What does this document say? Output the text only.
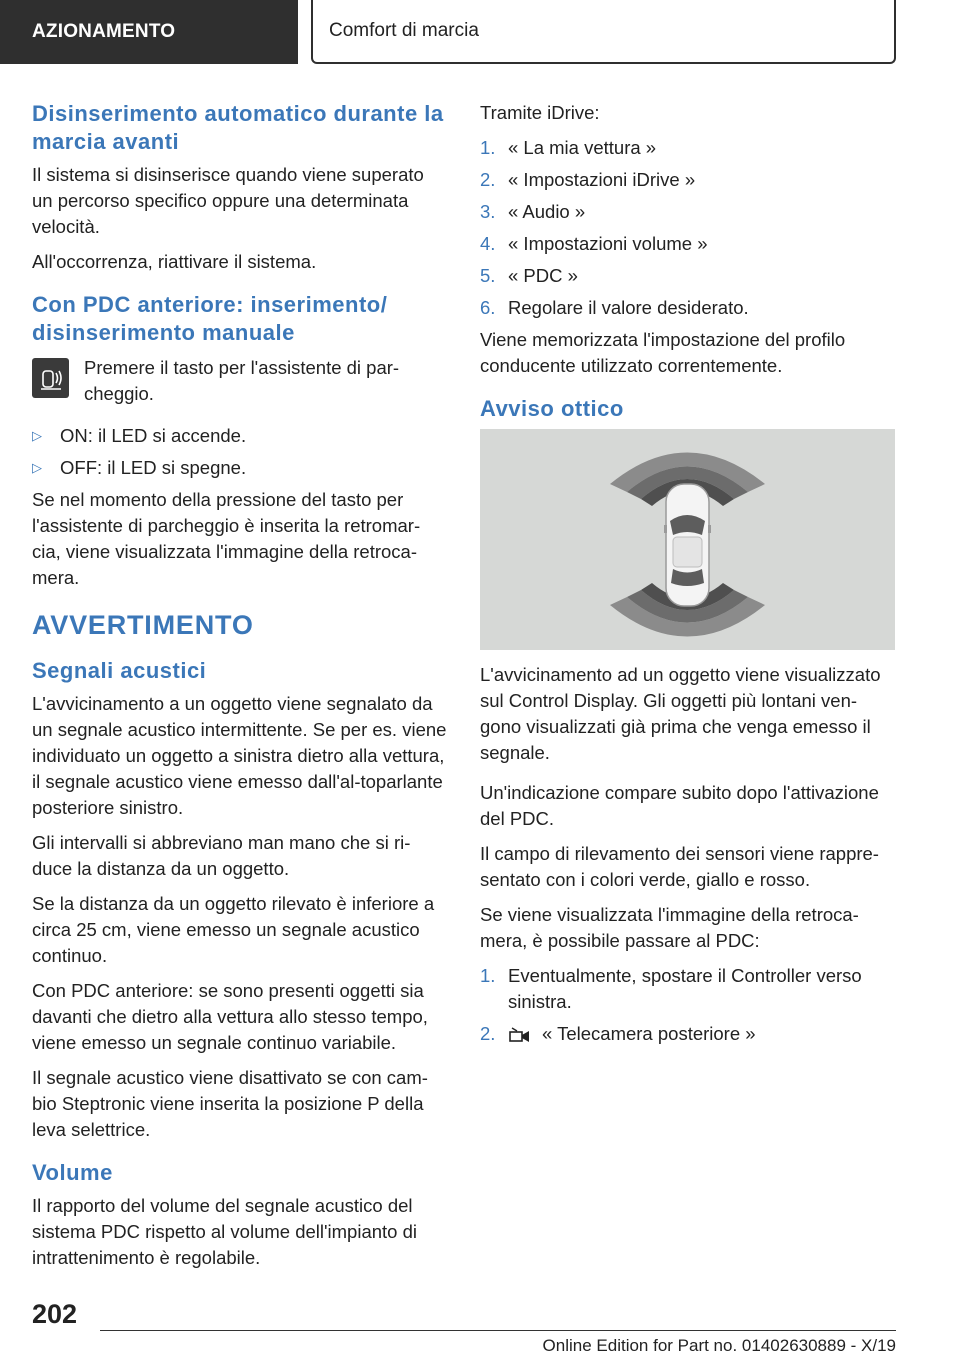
AZIONAMENTO	Comfort di marcia
Disinserimento automatico durante la marcia avanti

Il sistema si disinserisce quando viene superato un percorso specifico oppure una determinata velocità.

All'occorrenza, riattivare il sistema.

Con PDC anteriore: inserimento/ disinserimento manuale

Premere il tasto per l'assistente di par-cheggio.

▷ ON: il LED si accende.
▷ OFF: il LED si spegne.

Se nel momento della pressione del tasto per l'assistente di parcheggio è inserita la retromar-cia, viene visualizzata l'immagine della retroca-mera.

AVVERTIMENTO
Segnali acustici

L'avvicinamento a un oggetto viene segnalato da un segnale acustico intermittente. Se per es. viene individuato un oggetto a sinistra dietro alla vettura, il segnale acustico viene emesso dall'al-toparlante posteriore sinistro.

Gli intervalli si abbreviano man mano che si ri-duce la distanza da un oggetto.

Se la distanza da un oggetto rilevato è inferiore a circa 25 cm, viene emesso un segnale acustico continuo.

Con PDC anteriore: se sono presenti oggetti sia davanti che dietro alla vettura allo stesso tempo, viene emesso un segnale continuo variabile.

Il segnale acustico viene disattivato se con cam-bio Steptronic viene inserita la posizione P della leva selettrice.

Volume

Il rapporto del volume del segnale acustico del sistema PDC rispetto al volume dell'impianto di intrattenimento è regolabile.

Tramite iDrive:

1. « La mia vettura »
2. « Impostazioni iDrive »
3. « Audio »
4. « Impostazioni volume »
5. « PDC »
6. Regolare il valore desiderato.

Viene memorizzata l'impostazione del profilo conducente utilizzato correntemente.

Avviso ottico

L'avvicinamento ad un oggetto viene visualizzato sul Control Display. Gli oggetti più lontani ven-gono visualizzati già prima che venga emesso il segnale.

Un'indicazione compare subito dopo l'attivazione del PDC.

Il campo di rilevamento dei sensori viene rappre-sentato con i colori verde, giallo e rosso.

Se viene visualizzata l'immagine della retroca-mera, è possibile passare al PDC:

1. Eventualmente, spostare il Controller verso sinistra.
2.	« Telecamera posteriore »
202
Online Edition for Part no. 01402630889 - X/19
